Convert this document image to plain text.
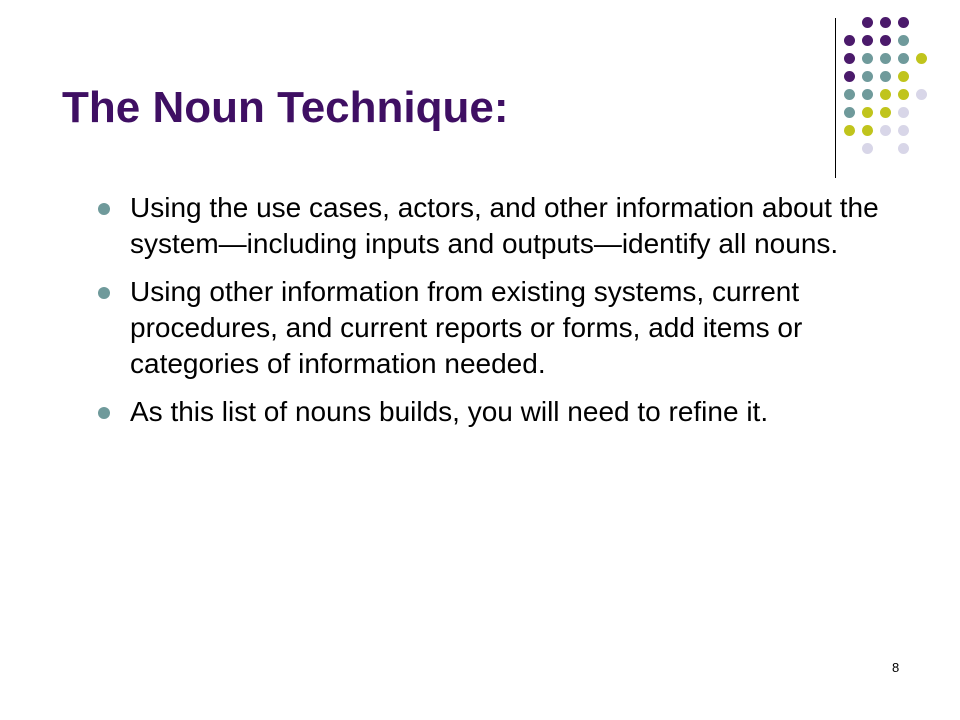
The Noun Technique:
Using the use cases, actors, and other information about the system—including inputs and outputs—identify all nouns.
Using other information from existing systems, current procedures, and current reports or forms, add items or categories of information needed.
As this list of nouns builds, you will need to refine it.
8
